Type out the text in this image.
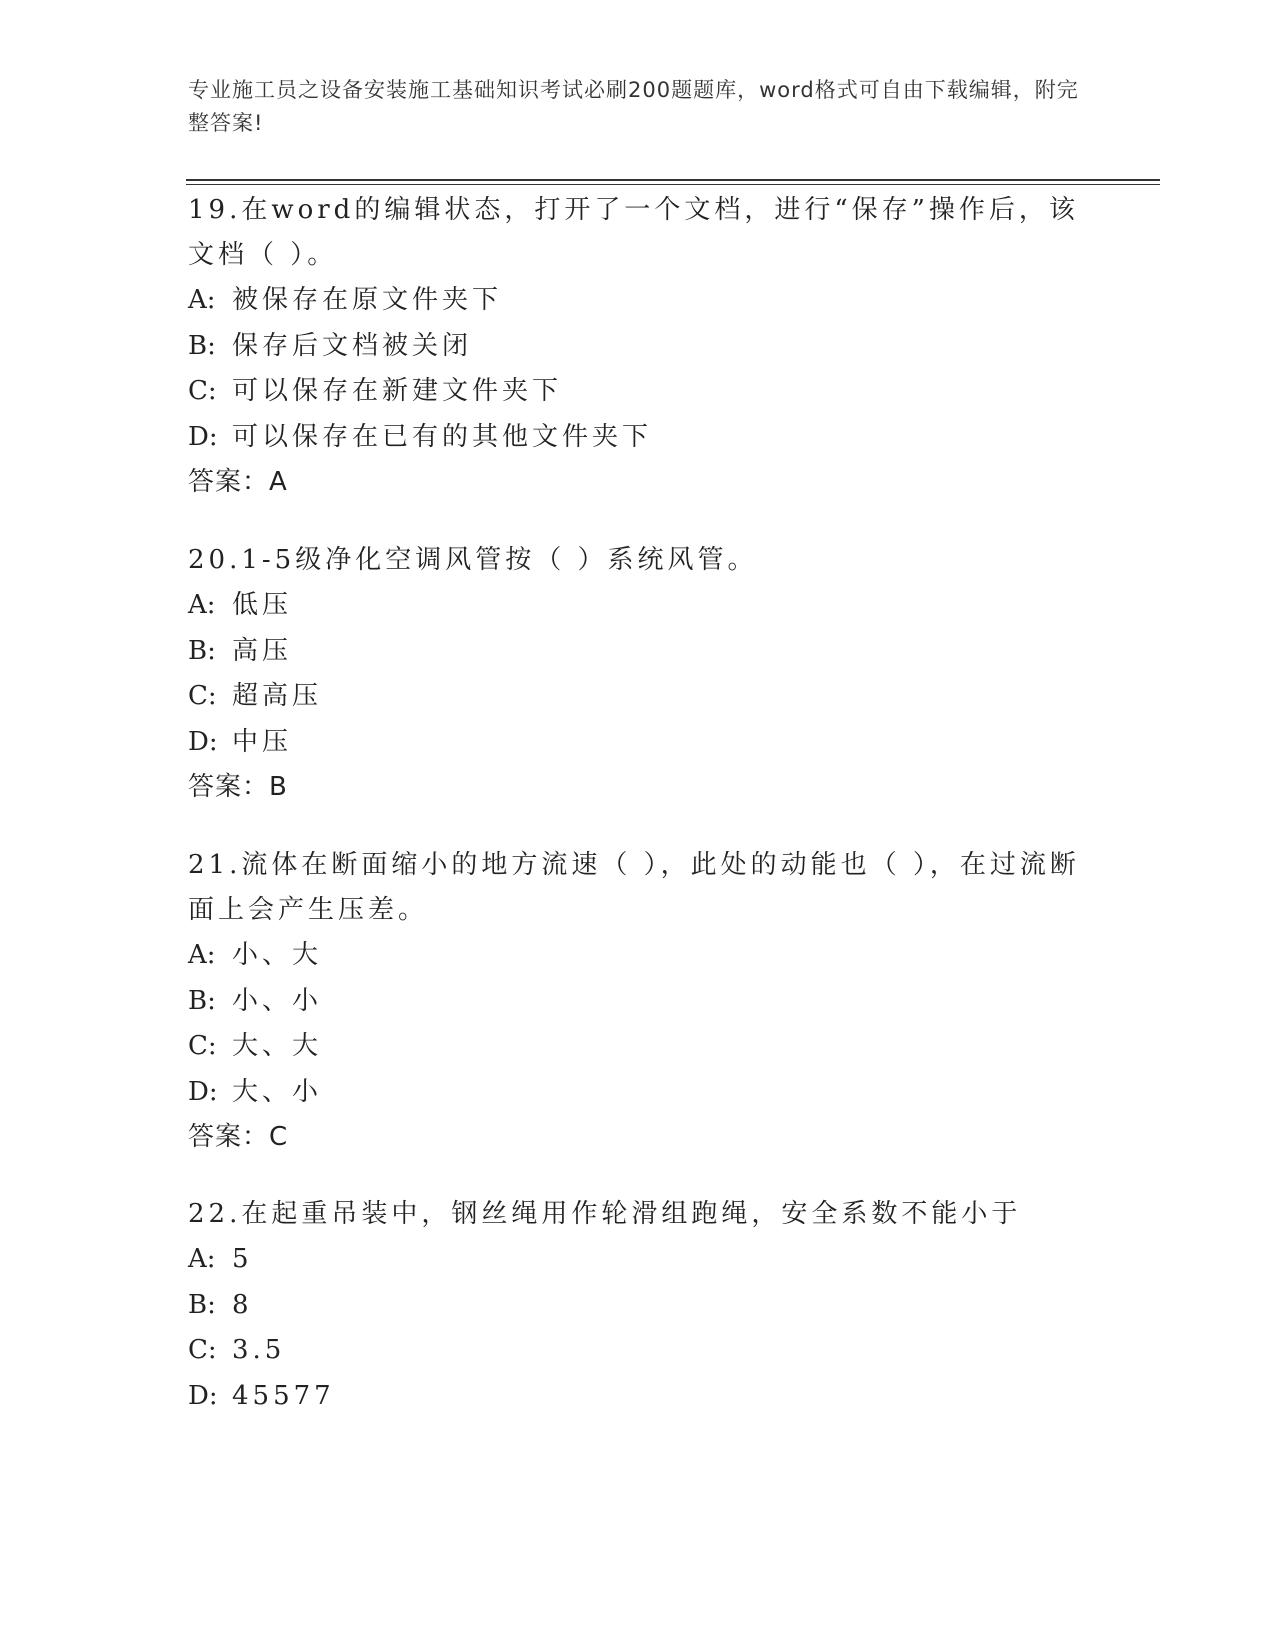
专业施工员之设备安装施工基础知识考试必刷200题题库，word格式可自由下载编辑，附完整答案!

19.在word的编辑状态，打开了一个文档，进行“保存”操作后，该文档（ ）。

A: 被保存在原文件夹下
B: 保存后文档被关闭
C: 可以保存在新建文件夹下
D: 可以保存在已有的其他文件夹下

答案：A

20.1-5级净化空调风管按（ ）系统风管。

A: 低压
B: 高压
C: 超高压
D: 中压

答案：B

21.流体在断面缩小的地方流速（ ），此处的动能也（ ），在过流断面上会产生压差。

A: 小、大
B: 小、小
C: 大、大
D: 大、小

答案：C

22.在起重吊装中，钢丝绳用作轮滑组跑绳，安全系数不能小于

A: 5
B: 8
C: 3.5
D: 45577
